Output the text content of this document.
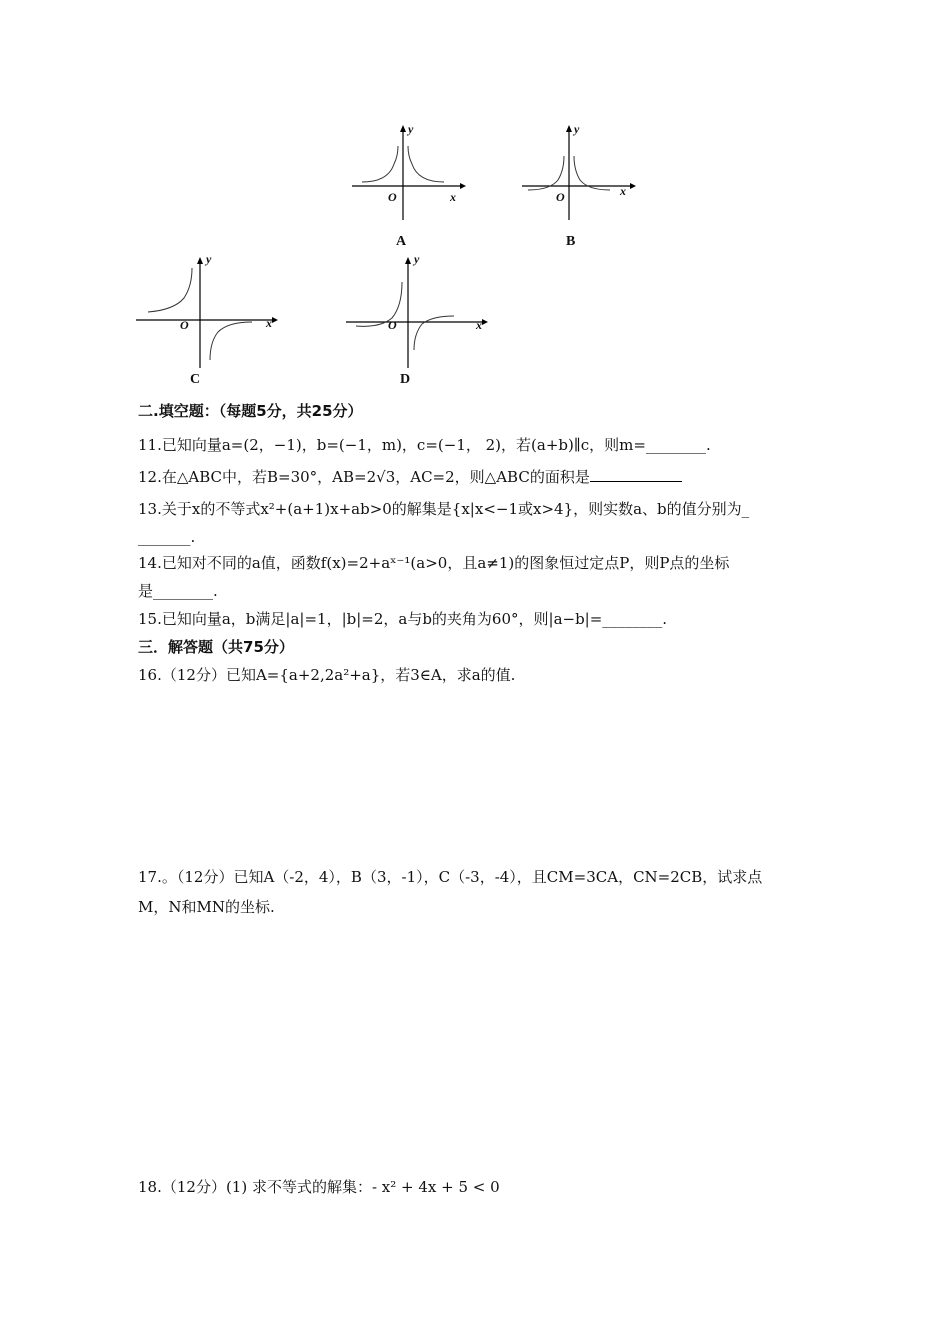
y
x
O
A
y
x
O
B
y
x
O
C
y
x
O
D
二.填空题：（每题5分，共25分）
11.已知向量a=(2，−1)，b=(−1，m)，c=(−1， 2)，若(a+b)∥c，则m=________.
12.在△ABC中，若B=30°，AB=2√3，AC=2，则△ABC的面积是
13.关于x的不等式x²+(a+1)x+ab>0的解集是{x|x<−1或x>4}，则实数a、b的值分别为_
_______.
14.已知对不同的a值，函数f(x)=2+aˣ⁻¹(a>0，且a≠1)的图象恒过定点P，则P点的坐标
是________.
15.已知向量a，b满足|a|=1，|b|=2，a与b的夹角为60°，则|a−b|=________.
三．解答题（共75分）
16.（12分）已知A={a+2,2a²+a}，若3∈A，求a的值.
17.。（12分）已知A（-2，4），B（3，-1），C（-3，-4），且CM=3CA，CN=2CB，试求点
M，N和MN的坐标.
18.（12分）(1) 求不等式的解集：- x² + 4x + 5 < 0
